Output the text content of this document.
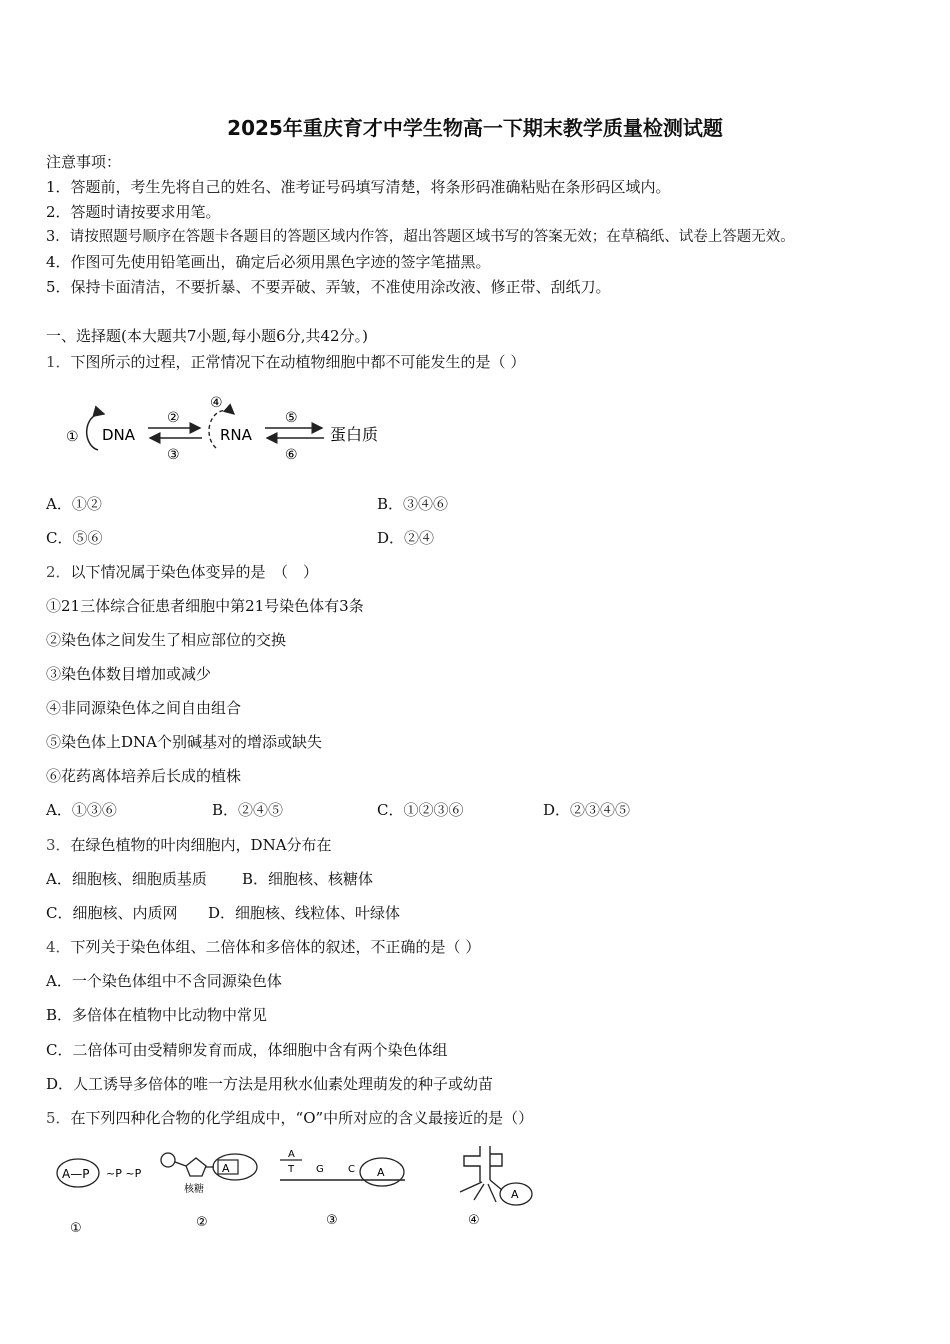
2025年重庆育才中学生物高一下期末教学质量检测试题
注意事项：
1．答题前，考生先将自己的姓名、准考证号码填写清楚，将条形码准确粘贴在条形码区域内。
2．答题时请按要求用笔。
3．请按照题号顺序在答题卡各题目的答题区域内作答，超出答题区域书写的答案无效；在草稿纸、试卷上答题无效。
4．作图可先使用铅笔画出，确定后必须用黑色字迹的签字笔描黑。
5．保持卡面清洁，不要折暴、不要弄破、弄皱，不准使用涂改液、修正带、刮纸刀。
一、选择题(本大题共7小题,每小题6分,共42分。)
1．下图所示的过程，正常情况下在动植物细胞中都不可能发生的是（ ）
① DNA
②
③
④
RNA
⑤
⑥
蛋白质
A．①②	B．③④⑥
C．⑤⑥	D．②④
2．以下情况属于染色体变异的是　（　）
①21三体综合征患者细胞中第21号染色体有3条
②染色体之间发生了相应部位的交换
③染色体数目增加或减少
④非同源染色体之间自由组合
⑤染色体上DNA个别碱基对的增添或缺失
⑥花药离体培养后长成的植株
A．①③⑥	B．②④⑤	C．①②③⑥	D．②③④⑤
3．在绿色植物的叶肉细胞内，DNA分布在
A．细胞核、细胞质基质 B．细胞核、核糖体
C．细胞核、内质网 D．细胞核、线粒体、叶绿体
4．下列关于染色体组、二倍体和多倍体的叙述，不正确的是（ ）
A．一个染色体组中不含同源染色体
B．多倍体在植物中比动物中常见
C．二倍体可由受精卵发育而成，体细胞中含有两个染色体组
D．人工诱导多倍体的唯一方法是用秋水仙素处理萌发的种子或幼苗
5．在下列四种化合物的化学组成中，“O”中所对应的含义最接近的是（）
A—P ~P ~P
①
A
核糖
②
A
T G C A
③
A
④
